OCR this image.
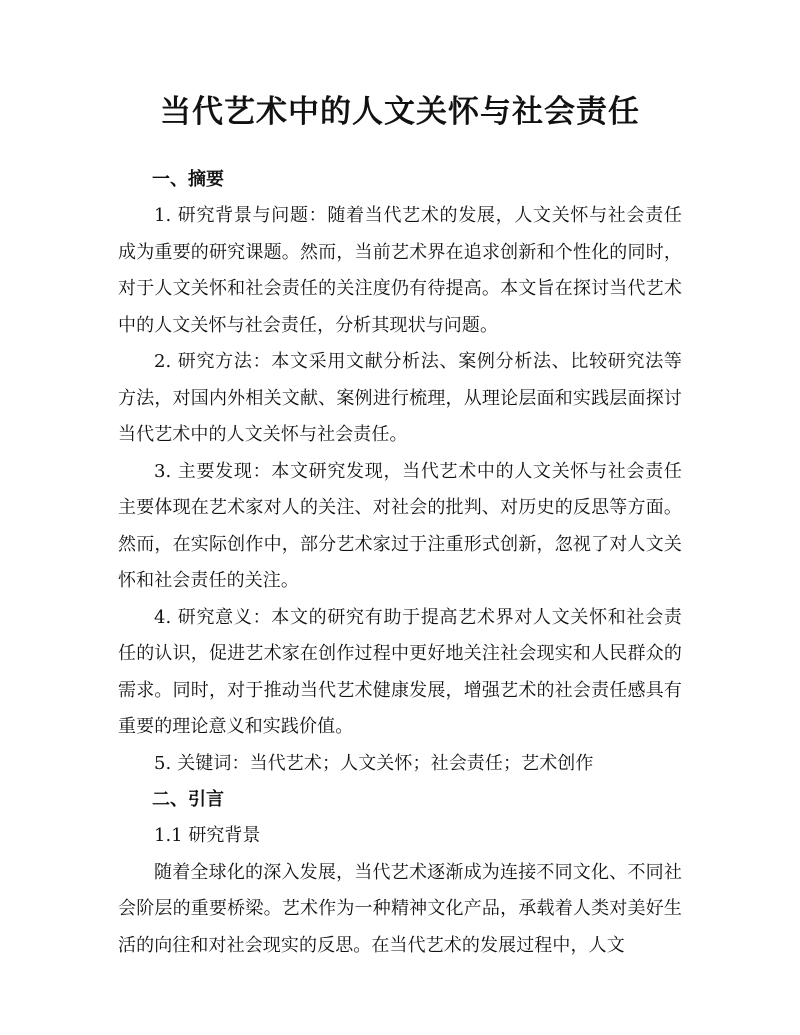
当代艺术中的人文关怀与社会责任
一、摘要

1. 研究背景与问题：随着当代艺术的发展，人文关怀与社会责任成为重要的研究课题。然而，当前艺术界在追求创新和个性化的同时，对于人文关怀和社会责任的关注度仍有待提高。本文旨在探讨当代艺术中的人文关怀与社会责任，分析其现状与问题。

2. 研究方法：本文采用文献分析法、案例分析法、比较研究法等方法，对国内外相关文献、案例进行梳理，从理论层面和实践层面探讨当代艺术中的人文关怀与社会责任。

3. 主要发现：本文研究发现，当代艺术中的人文关怀与社会责任主要体现在艺术家对人的关注、对社会的批判、对历史的反思等方面。然而，在实际创作中，部分艺术家过于注重形式创新，忽视了对人文关怀和社会责任的关注。

4. 研究意义：本文的研究有助于提高艺术界对人文关怀和社会责任的认识，促进艺术家在创作过程中更好地关注社会现实和人民群众的需求。同时，对于推动当代艺术健康发展，增强艺术的社会责任感具有重要的理论意义和实践价值。

5. 关键词：当代艺术；人文关怀；社会责任；艺术创作

二、引言

1.1 研究背景

随着全球化的深入发展，当代艺术逐渐成为连接不同文化、不同社会阶层的重要桥梁。艺术作为一种精神文化产品，承载着人类对美好生活的向往和对社会现实的反思。在当代艺术的发展过程中，人文
